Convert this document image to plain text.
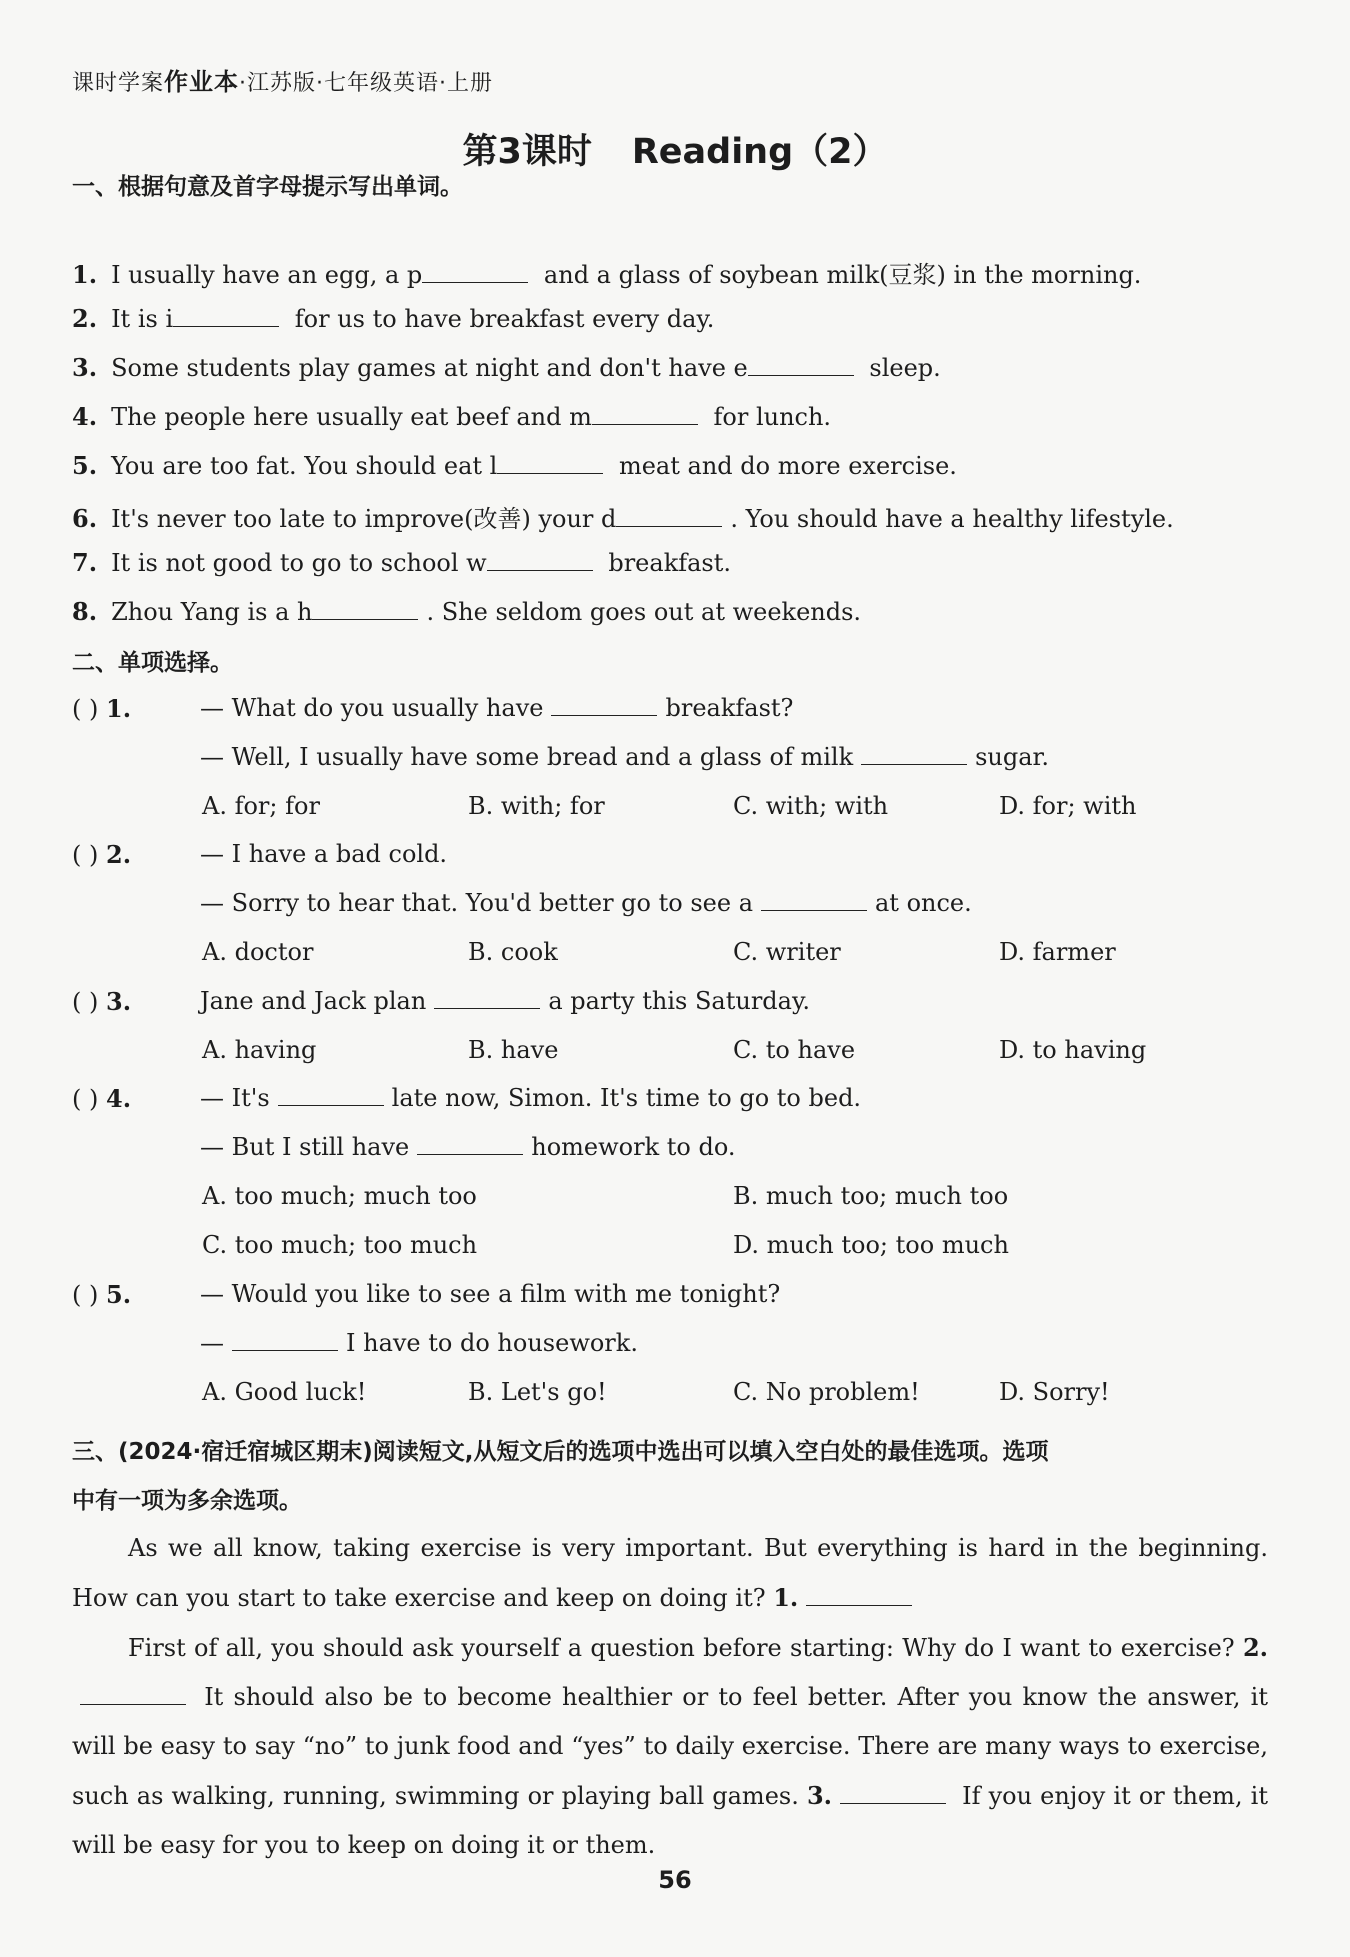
课时学案作业本·江苏版·七年级英语·上册
第3课时 Reading（2）
一、根据句意及首字母提示写出单词。
1. I usually have an egg, a p	and a glass of soybean milk(豆浆) in the morning.
2. It is i	for us to have breakfast every day.
3. Some students play games at night and don't have e	sleep.
4. The people here usually eat beef and m	for lunch.
5. You are too fat. You should eat l	meat and do more exercise.
6. It's never too late to improve(改善) your d	. You should have a healthy lifestyle.
7. It is not good to go to school w	breakfast.
8. Zhou Yang is a h	. She seldom goes out at weekends.
二、单项选择。
( ) 1.	— What do you usually have	breakfast?
— Well, I usually have some bread and a glass of milk	sugar.
A. for; for	B. with; for	C. with; with	D. for; with
( ) 2.	— I have a bad cold.
— Sorry to hear that. You'd better go to see a	at once.
A. doctor	B. cook	C. writer	D. farmer
( ) 3.	Jane and Jack plan	a party this Saturday.
A. having	B. have	C. to have	D. to having
( ) 4.	— It's	late now, Simon. It's time to go to bed.
— But I still have	homework to do.
A. too much; much too	B. much too; much too
C. too much; too much	D. much too; too much
( ) 5.	— Would you like to see a film with me tonight?
—	I have to do housework.
A. Good luck!	B. Let's go!	C. No problem!	D. Sorry!
三、(2024·宿迁宿城区期末)阅读短文,从短文后的选项中选出可以填入空白处的最佳选项。选项
中有一项为多余选项。

As we all know, taking exercise is very important. But everything is hard in the beginning. How can you start to take exercise and keep on doing it? 1.

First of all, you should ask yourself a question before starting: Why do I want to exercise? 2. It should also be to become healthier or to feel better. After you know the answer, it will be easy to say “no” to junk food and “yes” to daily exercise. There are many ways to exercise, such as walking, running, swimming or playing ball games. 3.	If you enjoy it or them, it will be easy for you to keep on doing it or them.

56
